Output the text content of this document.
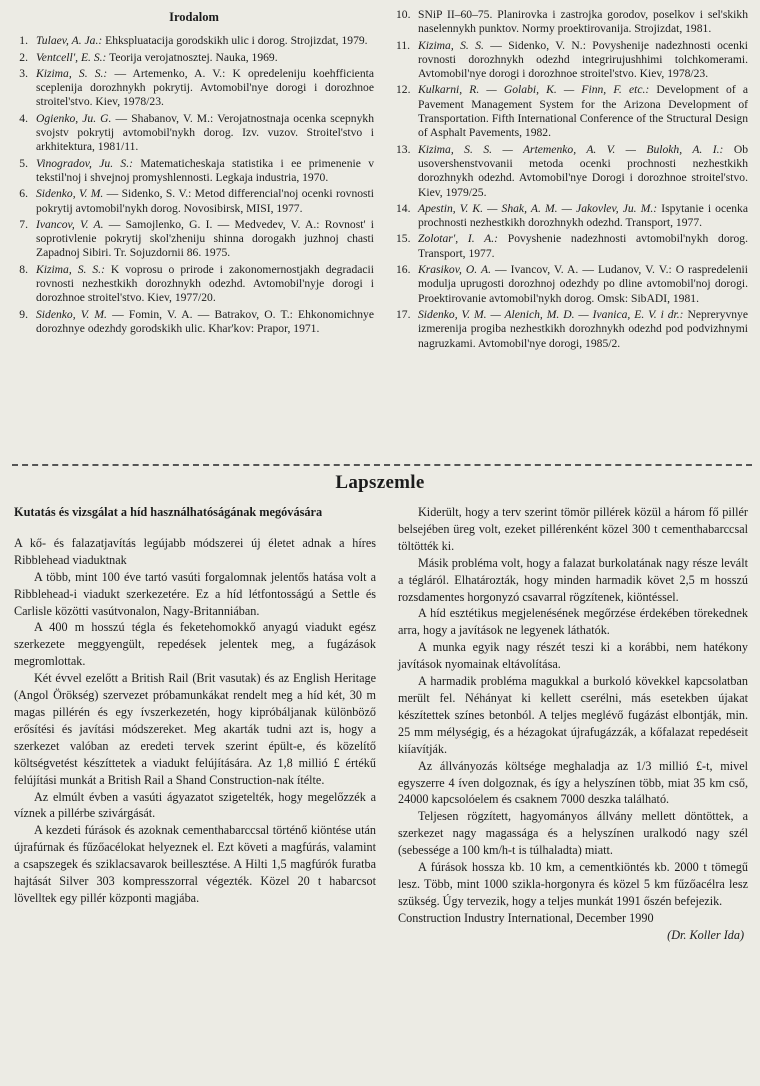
Irodalom
1. Tulaev, A. Ja.: Ehkspluatacija gorodskikh ulic i dorog. Strojizdat, 1979.
2. Ventcell', E. S.: Teorija verojatnosztej. Nauka, 1969.
3. Kizima, S. S.: — Artemenko, A. V.: K opredeleniju koehfficienta sceplenija dorozhnykh pokrytij. Avtomobil'nye dorogi i dorozhnoe stroitel'stvo. Kiev, 1978/23.
4. Ogienko, Ju. G. — Shabanov, V. M.: Verojatnostnaja ocenka scepnykh svojstv pokrytij avtomobil'nykh dorog. Izv. vuzov. Stroitel'stvo i arkhitektura, 1981/11.
5. Vinogradov, Ju. S.: Matematicheskaja statistika i ee primenenie v tekstil'noj i shvejnoj promyshlennosti. Legkaja industria, 1970.
6. Sidenko, V. M. — Sidenko, S. V.: Metod differencial'noj ocenki rovnosti pokrytij avtomobil'nykh dorog. Novosibirsk, MISI, 1977.
7. Ivancov, V. A. — Samojlenko, G. I. — Medvedev, V. A.: Rovnost' i soprotivlenie pokrytij skol'zheniju shinna dorogakh juzhnoj chasti Zapadnoj Sibiri. Tr. Sojuzdornii 86. 1975.
8. Kizima, S. S.: K voprosu o prirode i zakonomernostjakh degradacii rovnosti nezhestkikh dorozhnykh odezhd. Avtomobil'nyje dorogi i dorozhnoe stroitel'stvo. Kiev, 1977/20.
9. Sidenko, V. M. — Fomin, V. A. — Batrakov, O. T.: Ehkonomichnye dorozhnye odezhdy gorodskikh ulic. Khar'kov: Prapor, 1971.
10. SNiP II–60–75. Planirovka i zastrojka gorodov, poselkov i sel'skikh naselennykh punktov. Normy proektirovanija. Strojizdat, 1981.
11. Kizima, S. S. — Sidenko, V. N.: Povyshenije nadezhnosti ocenki rovnosti dorozhnykh odezhd integrirujushhimi tolchkomerami. Avtomobil'nye dorogi i dorozhnoe stroitel'stvo. Kiev, 1978/23.
12. Kulkarni, R. — Golabi, K. — Finn, F. etc.: Development of a Pavement Management System for the Arizona Development of Transportation. Fifth International Conference of the Structural Design of Asphalt Pavements, 1982.
13. Kizima, S. S. — Artemenko, A. V. — Bulokh, A. I.: Ob usovershenstvovanii metoda ocenki prochnosti nezhestkikh dorozhnykh odezhd. Avtomobil'nye Dorogi i dorozhnoe stroitel'stvo. Kiev, 1979/25.
14. Apestin, V. K. — Shak, A. M. — Jakovlev, Ju. M.: Ispytanie i ocenka prochnosti nezhestkikh dorozhnykh odezhd. Transport, 1977.
15. Zolotar', I. A.: Povyshenie nadezhnosti avtomobil'nykh dorog. Transport, 1977.
16. Krasikov, O. A. — Ivancov, V. A. — Ludanov, V. V.: O raspredelenii modulja uprugosti dorozhnoj odezhdy po dline avtomobil'noj dorogi. Proektirovanie avtomobil'nykh dorog. Omsk: SibADI, 1981.
17. Sidenko, V. M. — Alenich, M. D. — Ivanica, E. V. i dr.: Nepreryvnye izmerenija progiba nezhestkikh dorozhnykh odezhd pod podvizhnymi nagruzkami. Avtomobil'nye dorogi, 1985/2.
Lapszemle
Kutatás és vizsgálat a híd használhatóságának megóvására

A kő- és falazatjavítás legújabb módszerei új életet adnak a híres Ribblehead viaduktnak

A több, mint 100 éve tartó vasúti forgalomnak jelentős hatása volt a Ribblehead-i viadukt szerkezetére. Ez a híd létfontosságú a Settle és Carlisle közötti vasútvonalon, Nagy-Britanniában.

A 400 m hosszú tégla és feketehomokkő anyagú viadukt egész szerkezete meggyengült, repedések jelentek meg, a fugázások megromlottak.

Két évvel ezelőtt a British Rail (Brit vasutak) és az English Heritage (Angol Örökség) szervezet próbamunkákat rendelt meg a híd két, 30 m magas pillérén és egy ívszerkezetén, hogy kipróbáljanak különböző erősítési és javítási módszereket. Meg akarták tudni azt is, hogy a szerkezet valóban az eredeti tervek szerint épült-e, és közelítő költségvetést készíttetek a viadukt felújítására. Az 1,8 millió £ értékű felújítási munkát a British Rail a Shand Construction-nak ítélte.

Az elmúlt évben a vasúti ágyazatot szigetelték, hogy megelőzzék a víznek a pillérbe szivárgását.

A kezdeti fúrások és azoknak cementhabarccsal történő kiöntése után újrafúrnak és fűzőacélokat helyeznek el. Ezt követi a magfúrás, valamint a csapszegek és sziklacsavarok beillesztése. A Hilti 1,5 magfúrók furatba hajtását Silver 303 kompresszorral végezték. Közel 20 t habarcsot lövelltek egy pillér központi magjába.

Kiderült, hogy a terv szerint tömör pillérek közül a három fő pillér belsejében üreg volt, ezeket pillérenként közel 300 t cementhabarccsal töltötték ki.

Másik probléma volt, hogy a falazat burkolatának nagy része levált a tégláról. Elhatározták, hogy minden harmadik követ 2,5 m hosszú rozsdamentes horgonyzó csavarral rögzítenek, kiöntéssel.

A híd esztétikus megjelenésének megőrzése érdekében törekednek arra, hogy a javítások ne legyenek láthatók.

A munka egyik nagy részét teszi ki a korábbi, nem hatékony javítások nyomainak eltávolítása.

A harmadik probléma magukkal a burkoló kövekkel kapcsolatban merült fel. Néhányat ki kellett cserélni, más esetekben újakat készítettek színes betonból. A teljes meglévő fugázást elbontják, min. 25 mm mélységig, és a hézagokat újrafugázzák, a kőfalazat repedéseit kiíavítják.

Az állványozás költsége meghaladja az 1/3 millió £-t, mivel egyszerre 4 íven dolgoznak, és így a helyszínen több, miat 35 km cső, 24000 kapcsolóelem és csaknem 7000 deszka található.

Teljesen rögzített, hagyományos állvány mellett döntöttek, a szerkezet nagy magassága és a helyszínen uralkodó nagy szél (sebessége a 100 km/h-t is túlhaladta) miatt.

A fúrások hossza kb. 10 km, a cementkiöntés kb. 2000 t tömegű lesz. Több, mint 1000 szikla-horgonyra és közel 5 km fűzőacélra lesz szükség. Úgy tervezik, hogy a teljes munkát 1991 őszén befejezik.

Construction Industry International, December 1990

(Dr. Koller Ida)
